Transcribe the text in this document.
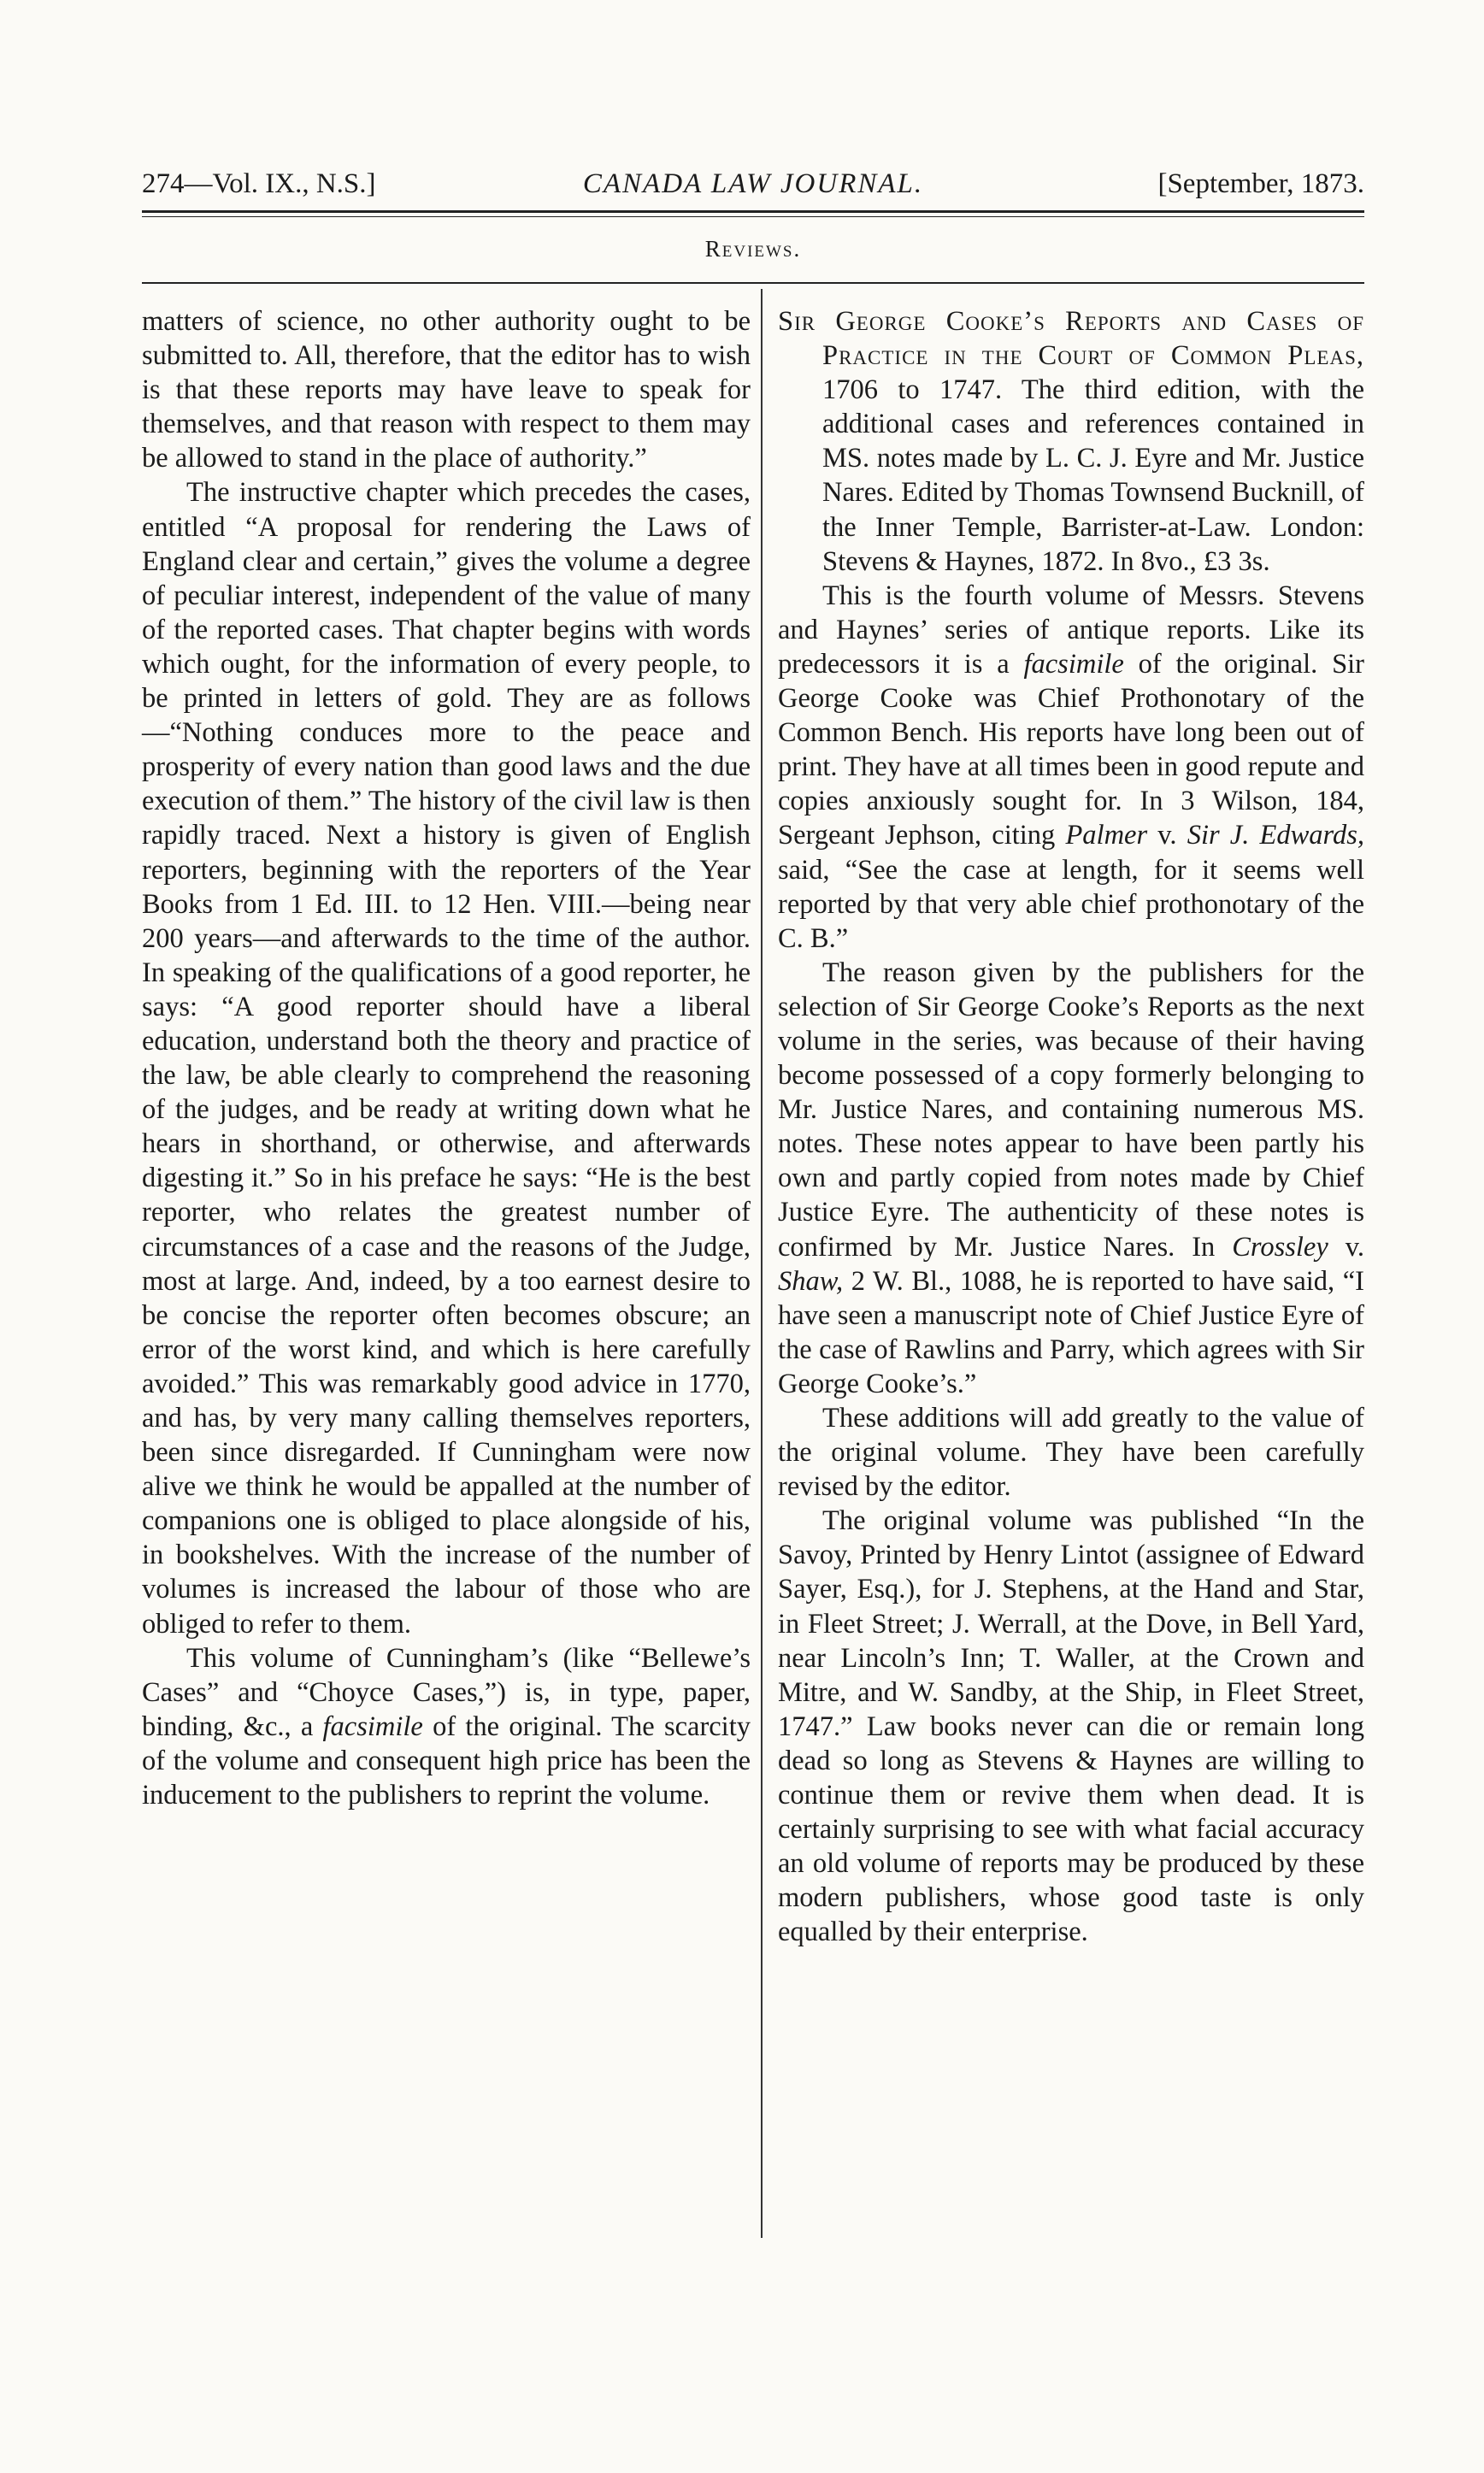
274—Vol. IX., N.S.]	CANADA LAW JOURNAL.	[September, 1873.
Reviews.

matters of science, no other authority ought to be submitted to. All, therefore, that the editor has to wish is that these reports may have leave to speak for themselves, and that reason with respect to them may be allowed to stand in the place of authority.”

The instructive chapter which precedes the cases, entitled “A proposal for rendering the Laws of England clear and certain,” gives the volume a degree of peculiar interest, independent of the value of many of the reported cases. That chapter begins with words which ought, for the information of every people, to be printed in letters of gold. They are as follows—“Nothing conduces more to the peace and prosperity of every nation than good laws and the due execution of them.” The history of the civil law is then rapidly traced. Next a history is given of English reporters, beginning with the reporters of the Year Books from 1 Ed. III. to 12 Hen. VIII.—being near 200 years—and afterwards to the time of the author. In speaking of the qualifications of a good reporter, he says: “A good reporter should have a liberal education, understand both the theory and practice of the law, be able clearly to comprehend the reasoning of the judges, and be ready at writing down what he hears in shorthand, or otherwise, and afterwards digesting it.” So in his preface he says: “He is the best reporter, who relates the greatest number of circumstances of a case and the reasons of the Judge, most at large. And, indeed, by a too earnest desire to be concise the reporter often becomes obscure; an error of the worst kind, and which is here carefully avoided.” This was remarkably good advice in 1770, and has, by very many calling themselves reporters, been since disregarded. If Cunningham were now alive we think he would be appalled at the number of companions one is obliged to place alongside of his, in bookshelves. With the increase of the number of volumes is increased the labour of those who are obliged to refer to them.

This volume of Cunningham’s (like “Bellewe’s Cases” and “Choyce Cases,”) is, in type, paper, binding, &c., a facsimile of the original. The scarcity of the volume and consequent high price has been the inducement to the publishers to reprint the volume.

Sir George Cooke’s Reports and Cases of Practice in the Court of Common Pleas, 1706 to 1747. The third edition, with the additional cases and references contained in MS. notes made by L. C. J. Eyre and Mr. Justice Nares. Edited by Thomas Townsend Bucknill, of the Inner Temple, Barrister-at-Law. London: Stevens & Haynes, 1872. In 8vo., £3 3s.

This is the fourth volume of Messrs. Stevens and Haynes’ series of antique reports. Like its predecessors it is a facsimile of the original. Sir George Cooke was Chief Prothonotary of the Common Bench. His reports have long been out of print. They have at all times been in good repute and copies anxiously sought for. In 3 Wilson, 184, Sergeant Jephson, citing Palmer v. Sir J. Edwards, said, “See the case at length, for it seems well reported by that very able chief prothonotary of the C. B.”

The reason given by the publishers for the selection of Sir George Cooke’s Reports as the next volume in the series, was because of their having become possessed of a copy formerly belonging to Mr. Justice Nares, and containing numerous MS. notes. These notes appear to have been partly his own and partly copied from notes made by Chief Justice Eyre. The authenticity of these notes is confirmed by Mr. Justice Nares. In Crossley v. Shaw, 2 W. Bl., 1088, he is reported to have said, “I have seen a manuscript note of Chief Justice Eyre of the case of Rawlins and Parry, which agrees with Sir George Cooke’s.”

These additions will add greatly to the value of the original volume. They have been carefully revised by the editor.

The original volume was published “In the Savoy, Printed by Henry Lintot (assignee of Edward Sayer, Esq.), for J. Stephens, at the Hand and Star, in Fleet Street; J. Werrall, at the Dove, in Bell Yard, near Lincoln’s Inn; T. Waller, at the Crown and Mitre, and W. Sandby, at the Ship, in Fleet Street, 1747.” Law books never can die or remain long dead so long as Stevens & Haynes are willing to continue them or revive them when dead. It is certainly surprising to see with what facial accuracy an old volume of reports may be produced by these modern publishers, whose good taste is only equalled by their enterprise.
